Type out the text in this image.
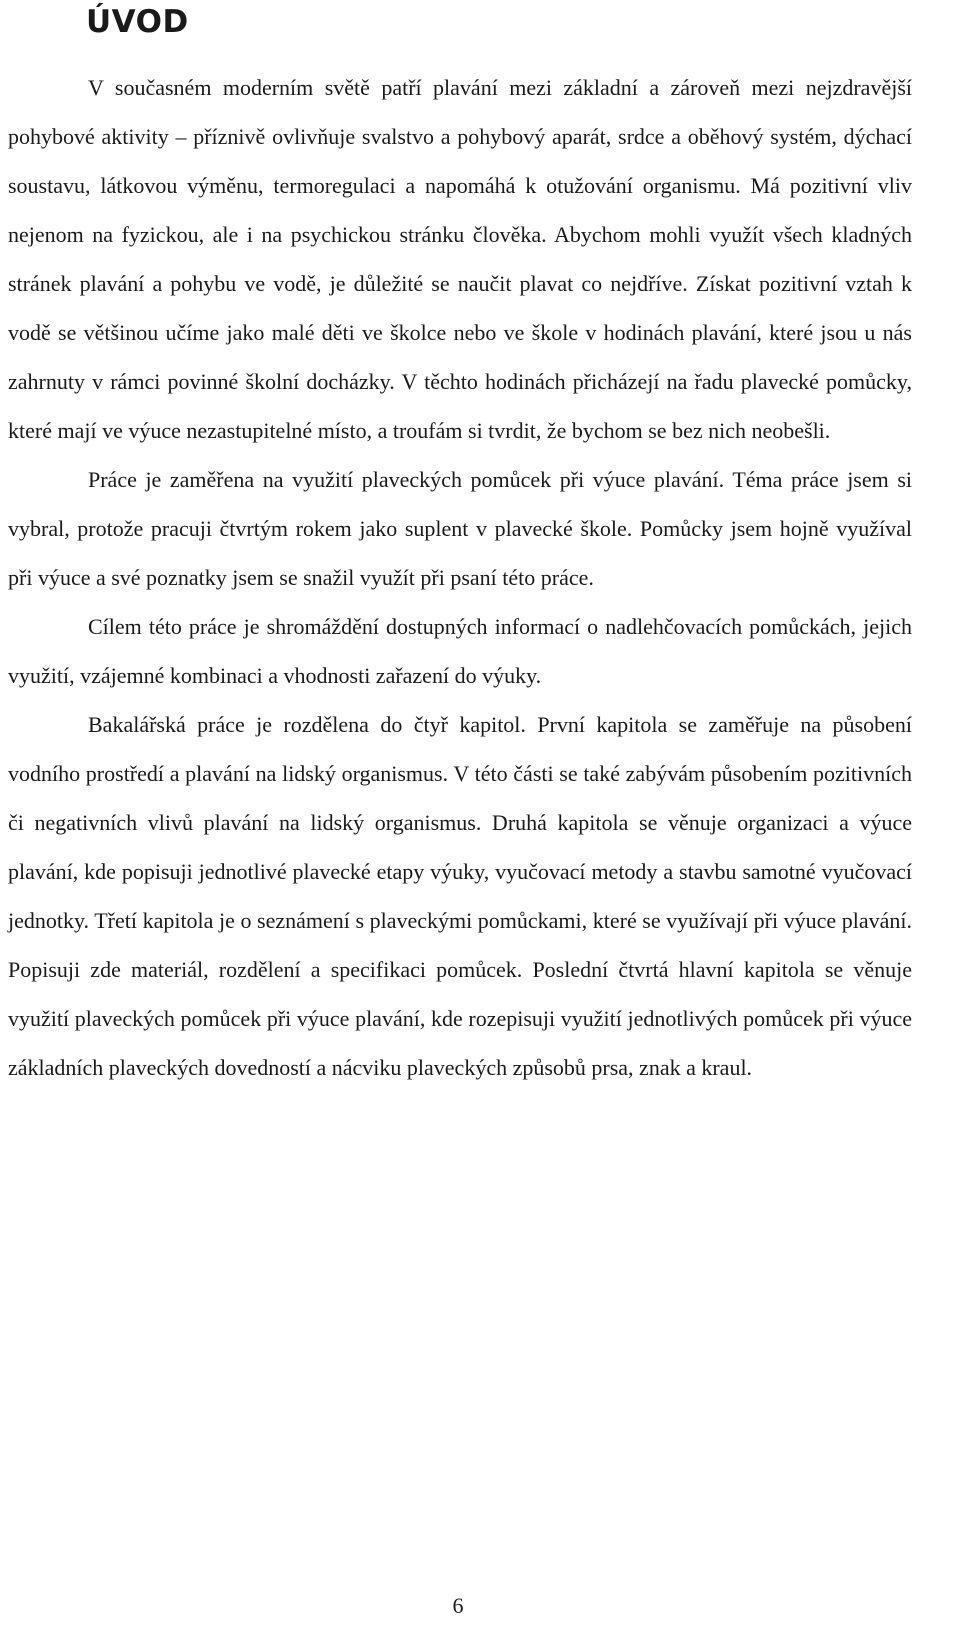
ÚVOD

V současném moderním světě patří plavání mezi základní a zároveň mezi nejzdravější pohybové aktivity – příznivě ovlivňuje svalstvo a pohybový aparát, srdce a oběhový systém, dýchací soustavu, látkovou výměnu, termoregulaci a napomáhá k otužování organismu. Má pozitivní vliv nejenom na fyzickou, ale i na psychickou stránku člověka. Abychom mohli využít všech kladných stránek plavání a pohybu ve vodě, je důležité se naučit plavat co nejdříve. Získat pozitivní vztah k vodě se většinou učíme jako malé děti ve školce nebo ve škole v hodinách plavání, které jsou u nás zahrnuty v rámci povinné školní docházky. V těchto hodinách přicházejí na řadu plavecké pomůcky, které mají ve výuce nezastupitelné místo, a troufám si tvrdit, že bychom se bez nich neobešli.

Práce je zaměřena na využití plaveckých pomůcek při výuce plavání. Téma práce jsem si vybral, protože pracuji čtvrtým rokem jako suplent v plavecké škole. Pomůcky jsem hojně využíval při výuce a své poznatky jsem se snažil využít při psaní této práce.

Cílem této práce je shromáždění dostupných informací o nadlehčovacích pomůckách, jejich využití, vzájemné kombinaci a vhodnosti zařazení do výuky.

Bakalářská práce je rozdělena do čtyř kapitol. První kapitola se zaměřuje na působení vodního prostředí a plavání na lidský organismus. V této části se také zabývám působením pozitivních či negativních vlivů plavání na lidský organismus. Druhá kapitola se věnuje organizaci a výuce plavání, kde popisuji jednotlivé plavecké etapy výuky, vyučovací metody a stavbu samotné vyučovací jednotky. Třetí kapitola je o seznámení s plaveckými pomůckami, které se využívají při výuce plavání. Popisuji zde materiál, rozdělení a specifikaci pomůcek. Poslední čtvrtá hlavní kapitola se věnuje využití plaveckých pomůcek při výuce plavání, kde rozepisuji využití jednotlivých pomůcek při výuce základních plaveckých dovedností a nácviku plaveckých způsobů prsa, znak a kraul.

6
